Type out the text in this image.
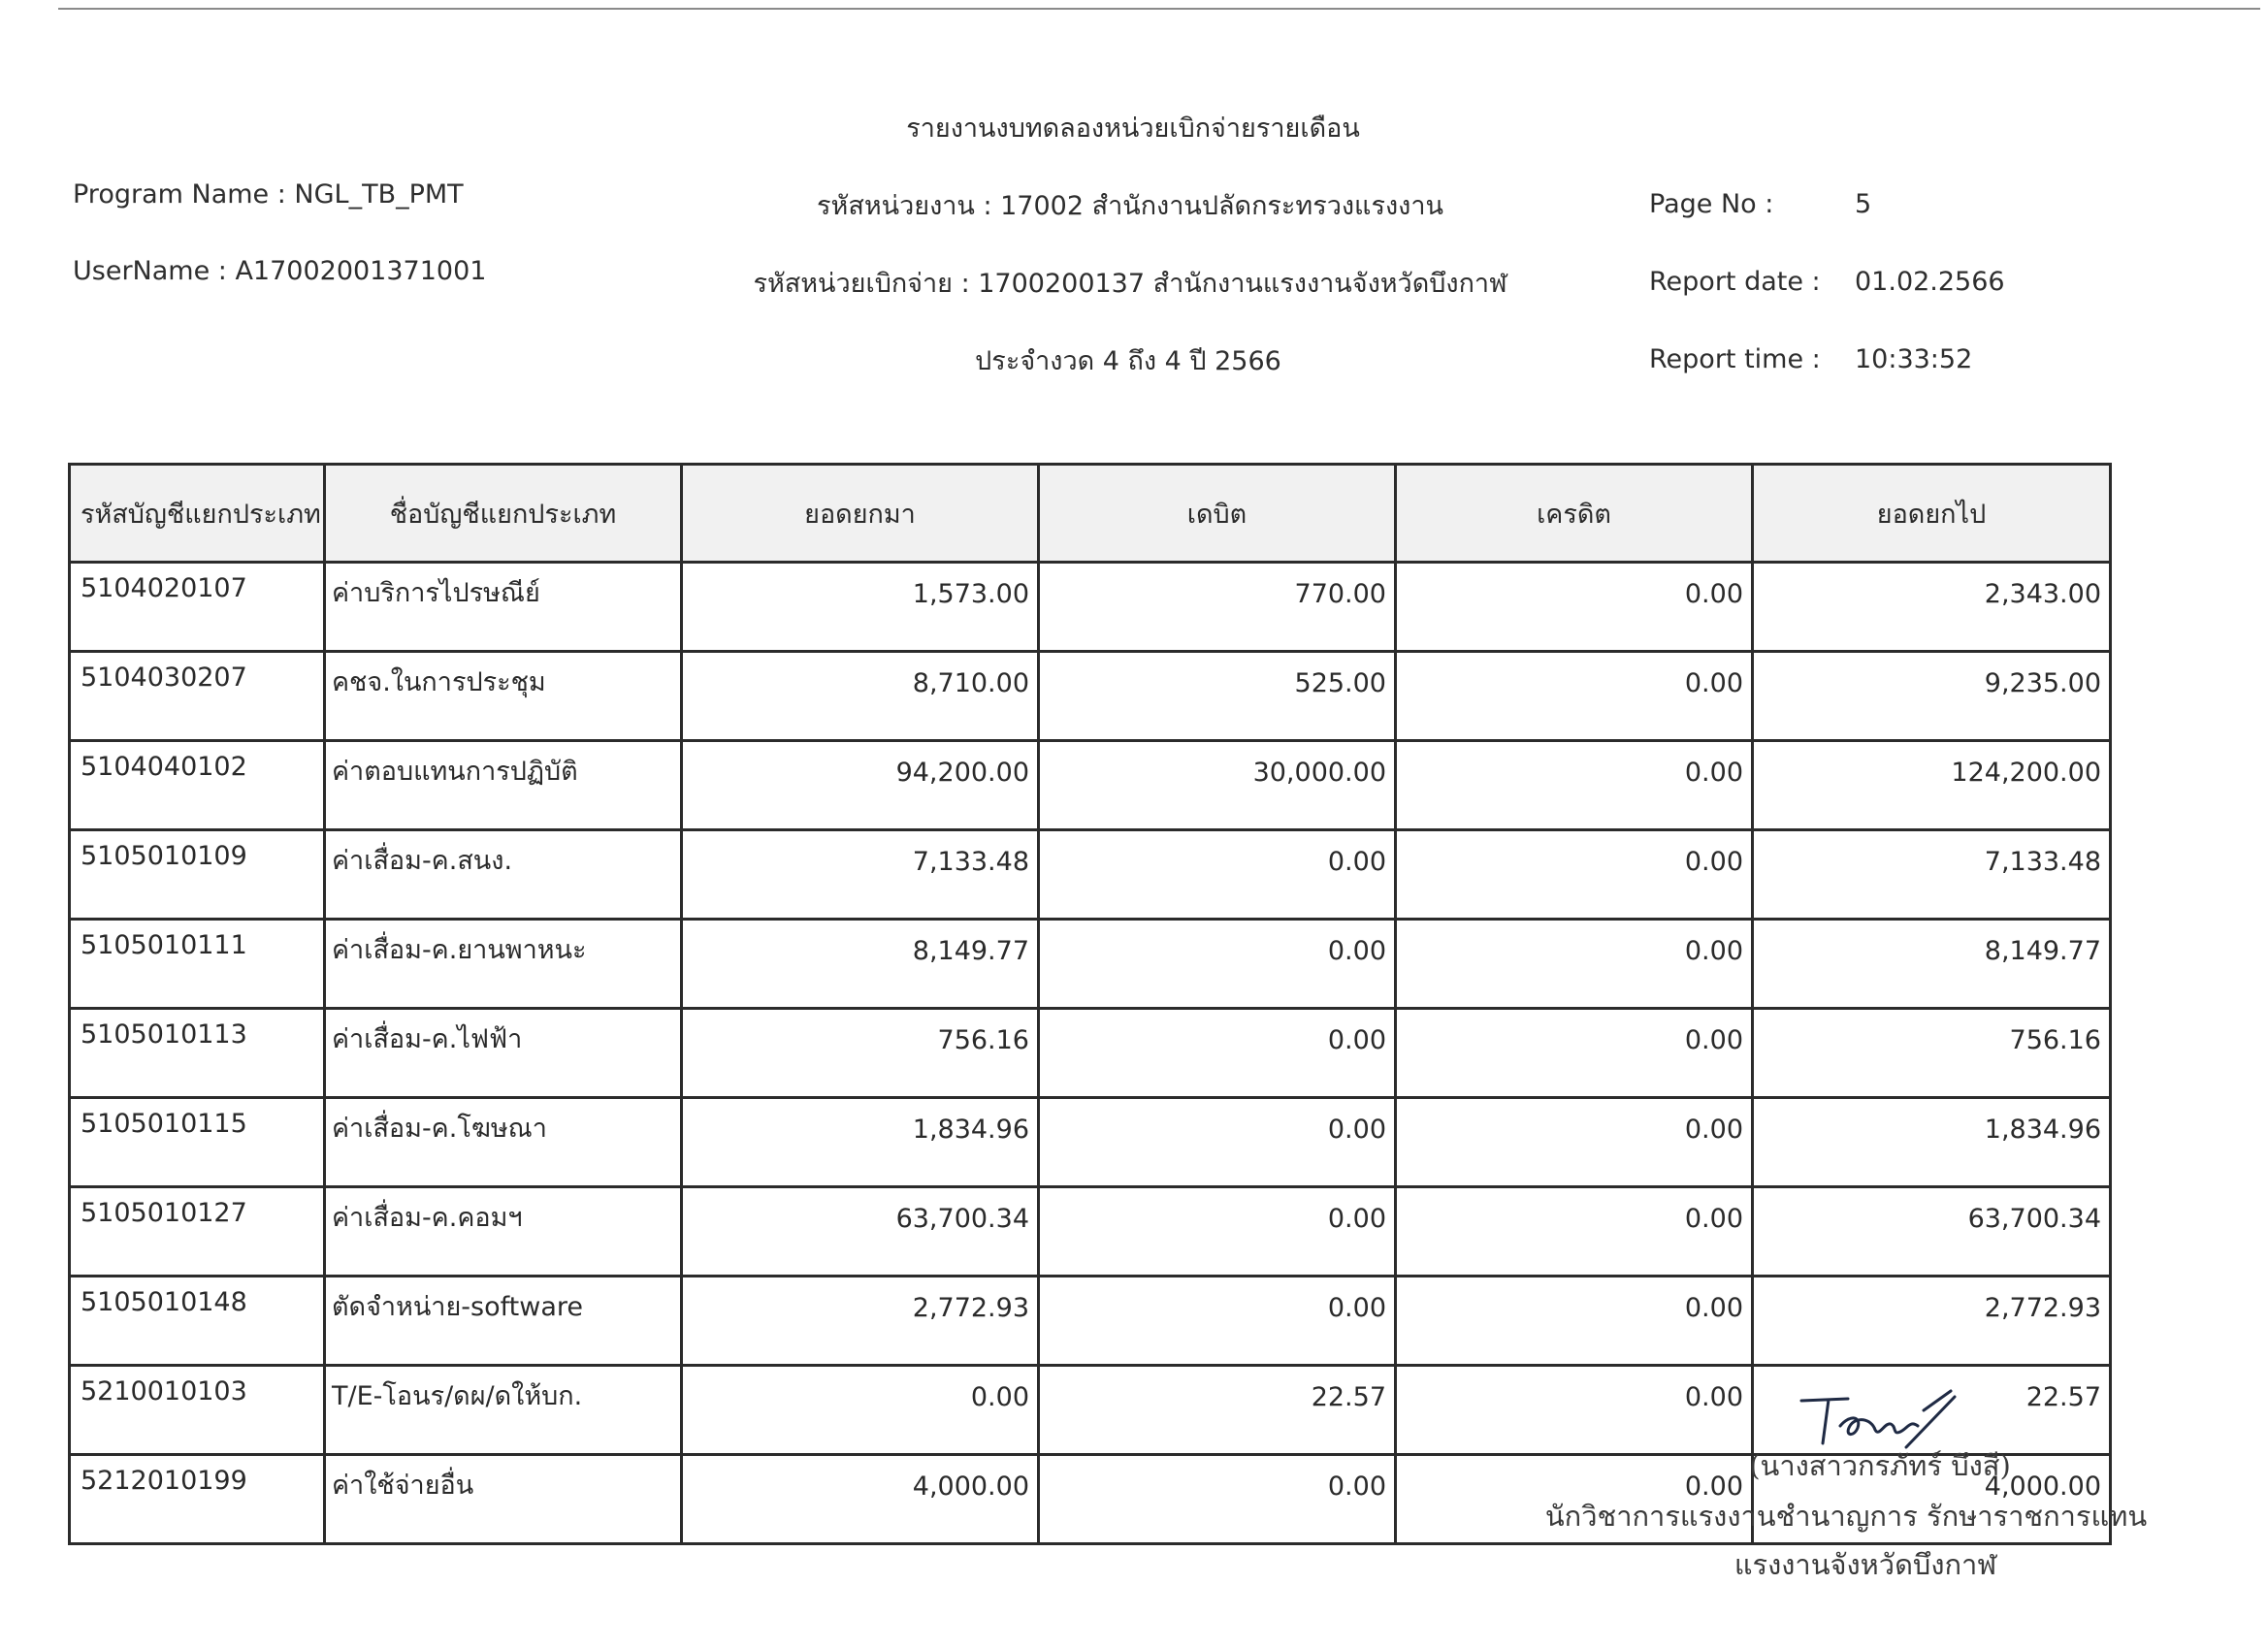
รายงานงบทดลองหน่วยเบิกจ่ายรายเดือน
Program Name : NGL_TB_PMT
UserName : A17002001371001
รหัสหน่วยงาน : 17002 สำนักงานปลัดกระทรวงแรงงาน
รหัสหน่วยเบิกจ่าย : 1700200137 สำนักงานแรงงานจังหวัดบึงกาฬ
ประจำงวด 4 ถึง 4 ปี 2566
Page No :	5
Report date : 01.02.2566
Report time : 10:33:52
รหัสบัญชีแยกประเภท	ชื่อบัญชีแยกประเภท	ยอดยกมา	เดบิต	เครดิต	ยอดยกไป
5104020107	ค่าบริการไปรษณีย์	1,573.00	770.00	0.00	2,343.00
5104030207	คชจ.ในการประชุม	8,710.00	525.00	0.00	9,235.00
5104040102	ค่าตอบแทนการปฏิบัติ	94,200.00	30,000.00	0.00	124,200.00
5105010109	ค่าเสื่อม-ค.สนง.	7,133.48	0.00	0.00	7,133.48
5105010111	ค่าเสื่อม-ค.ยานพาหนะ	8,149.77	0.00	0.00	8,149.77
5105010113	ค่าเสื่อม-ค.ไฟฟ้า	756.16	0.00	0.00	756.16
5105010115	ค่าเสื่อม-ค.โฆษณา	1,834.96	0.00	0.00	1,834.96
5105010127	ค่าเสื่อม-ค.คอมฯ	63,700.34	0.00	0.00	63,700.34
5105010148	ตัดจำหน่าย-software	2,772.93	0.00	0.00	2,772.93
5210010103	T/E-โอนร/ดผ/ดให้บก.	0.00	22.57	0.00	22.57
5212010199	ค่าใช้จ่ายอื่น	4,000.00	0.00	0.00	4,000.00
(นางสาวกรภัทร์ บึงสี)
นักวิชาการแรงงานชำนาญการ รักษาราชการแทน
แรงงานจังหวัดบึงกาฬ
